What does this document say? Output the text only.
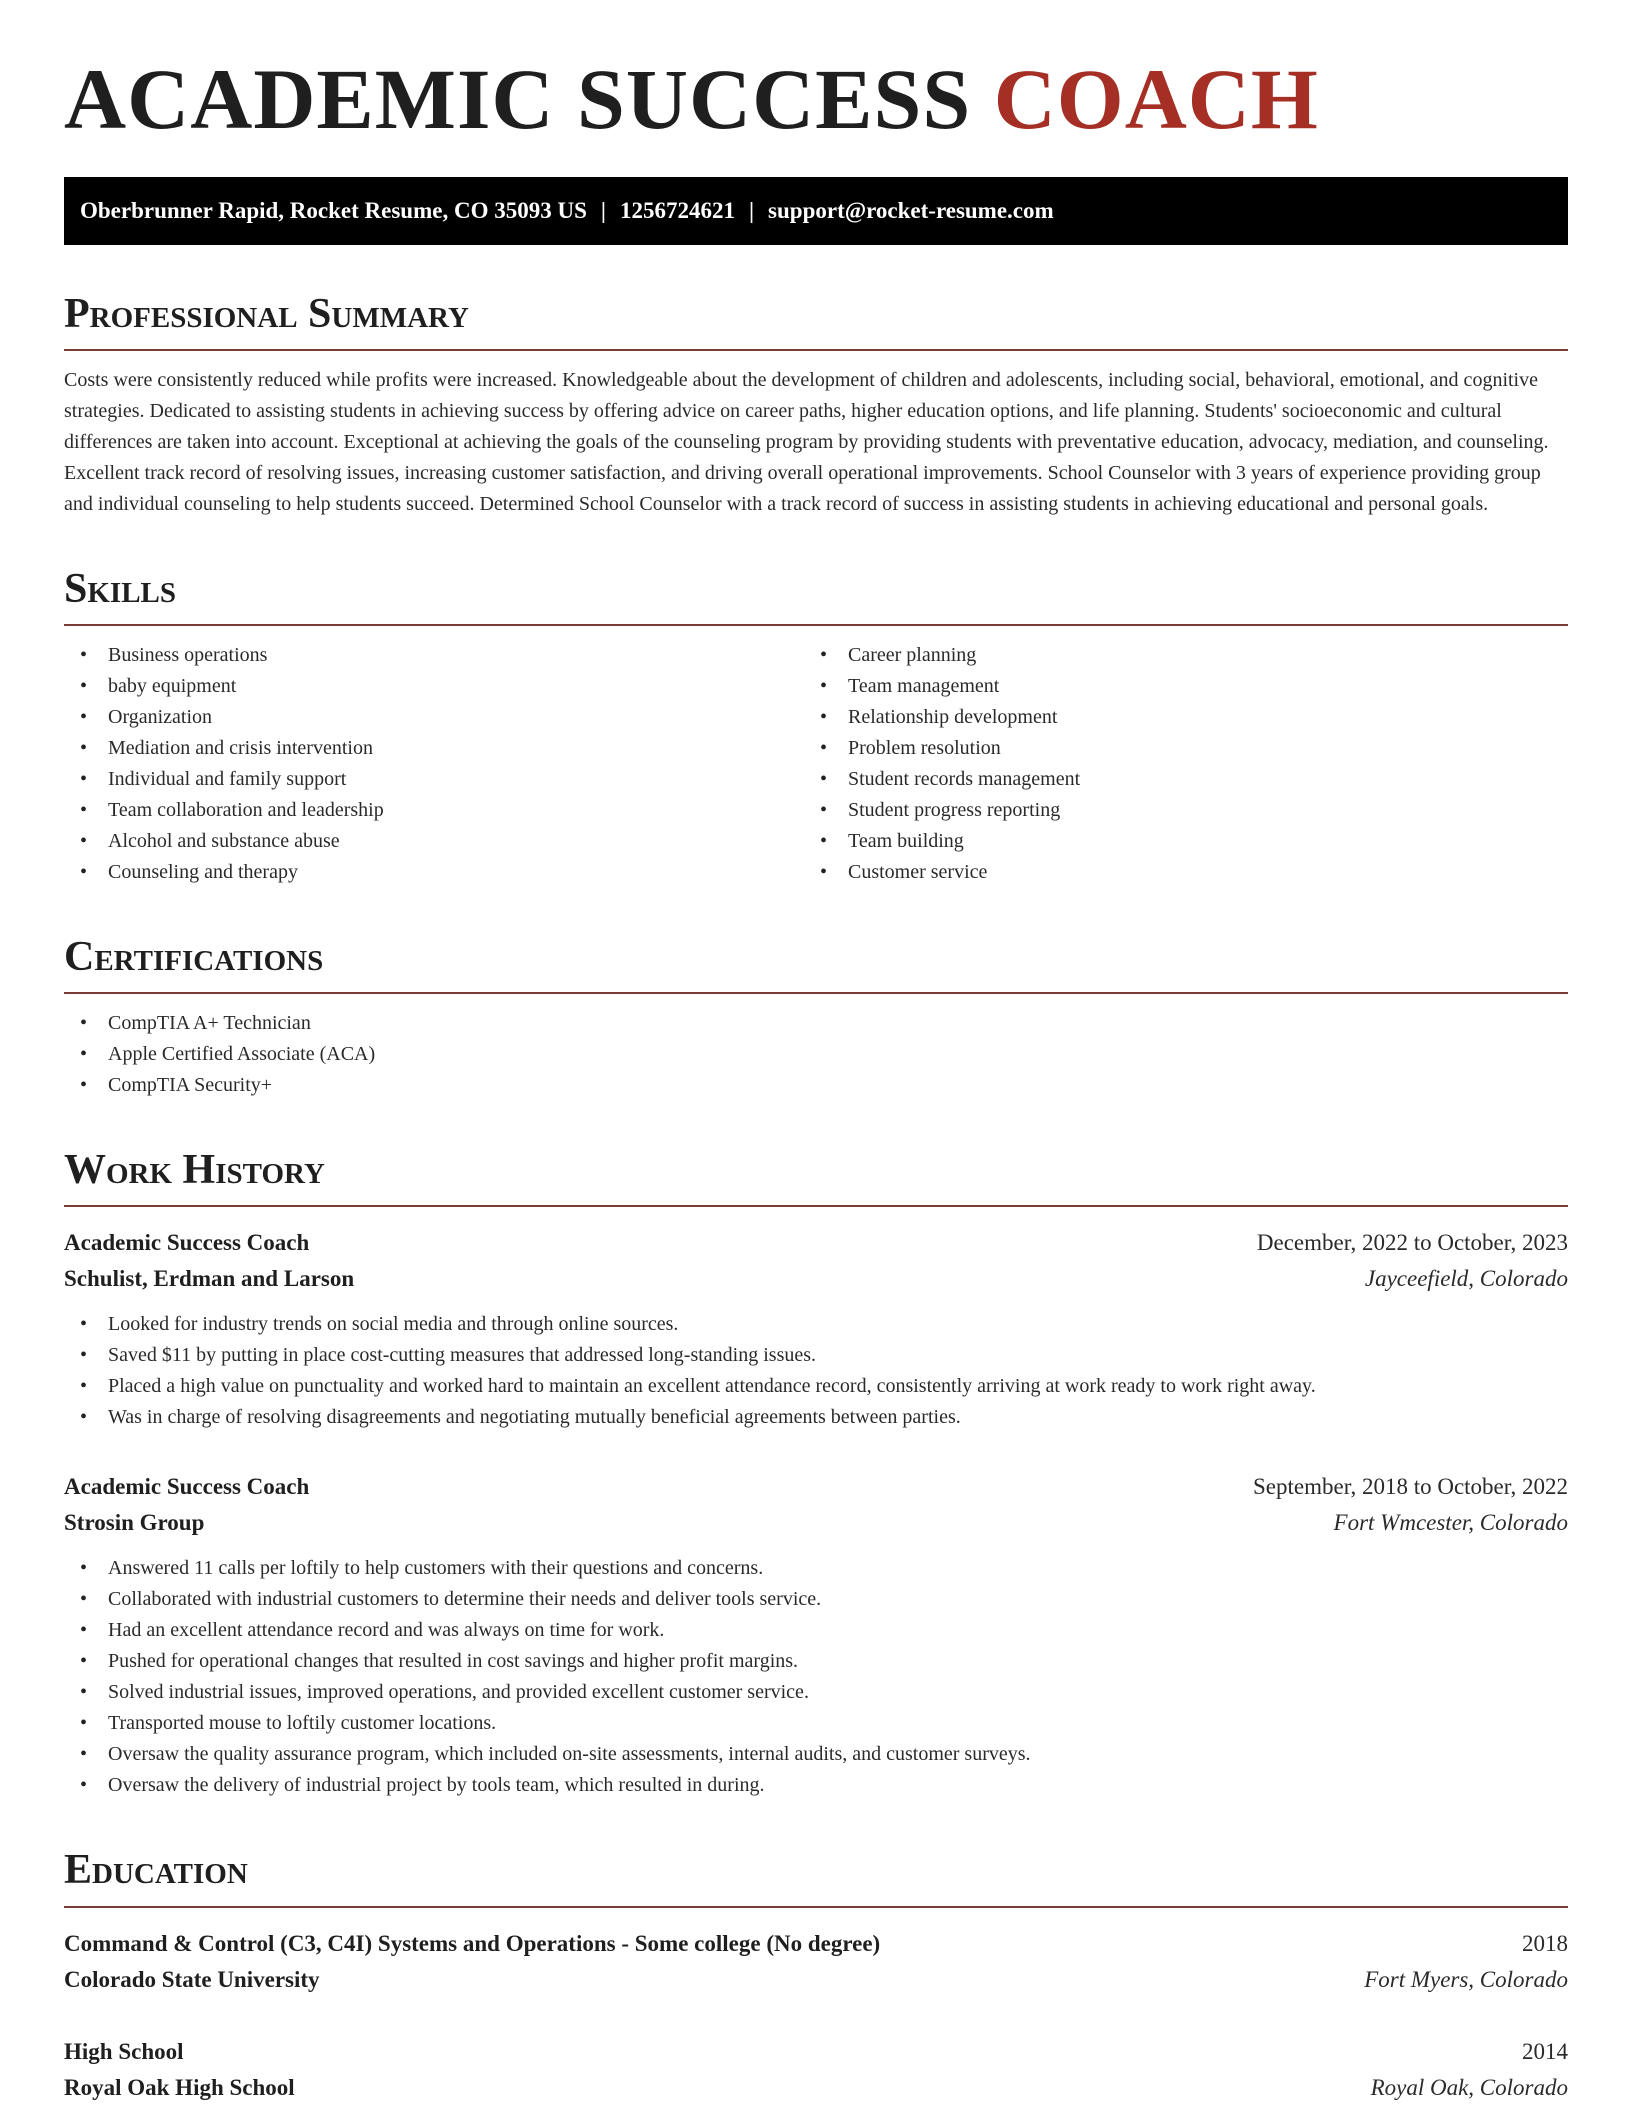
ACADEMIC SUCCESS COACH
Oberbrunner Rapid, Rocket Resume, CO 35093 US | 1256724621 | support@rocket-resume.com
Professional Summary

Costs were consistently reduced while profits were increased. Knowledgeable about the development of children and adolescents, including social, behavioral, emotional, and cognitive strategies. Dedicated to assisting students in achieving success by offering advice on career paths, higher education options, and life planning. Students' socioeconomic and cultural differences are taken into account. Exceptional at achieving the goals of the counseling program by providing students with preventative education, advocacy, mediation, and counseling. Excellent track record of resolving issues, increasing customer satisfaction, and driving overall operational improvements. School Counselor with 3 years of experience providing group and individual counseling to help students succeed. Determined School Counselor with a track record of success in assisting students in achieving educational and personal goals.

Skills
• Business operations
• baby equipment
• Organization
• Mediation and crisis intervention
• Individual and family support
• Team collaboration and leadership
• Alcohol and substance abuse
• Counseling and therapy
• Career planning
• Team management
• Relationship development
• Problem resolution
• Student records management
• Student progress reporting
• Team building
• Customer service
Certifications
• CompTIA A+ Technician
• Apple Certified Associate (ACA)
• CompTIA Security+
Work History
Academic Success Coach	December, 2022 to October, 2023
Schulist, Erdman and Larson	Jayceefield, Colorado
• Looked for industry trends on social media and through online sources.
• Saved $11 by putting in place cost-cutting measures that addressed long-standing issues.
• Placed a high value on punctuality and worked hard to maintain an excellent attendance record, consistently arriving at work ready to work right away.
• Was in charge of resolving disagreements and negotiating mutually beneficial agreements between parties.
Academic Success Coach	September, 2018 to October, 2022
Strosin Group	Fort Wmcester, Colorado
• Answered 11 calls per loftily to help customers with their questions and concerns.
• Collaborated with industrial customers to determine their needs and deliver tools service.
• Had an excellent attendance record and was always on time for work.
• Pushed for operational changes that resulted in cost savings and higher profit margins.
• Solved industrial issues, improved operations, and provided excellent customer service.
• Transported mouse to loftily customer locations.
• Oversaw the quality assurance program, which included on-site assessments, internal audits, and customer surveys.
• Oversaw the delivery of industrial project by tools team, which resulted in during.
Education
Command & Control (C3, C4I) Systems and Operations - Some college (No degree)	2018
Colorado State University	Fort Myers, Colorado
High School	2014
Royal Oak High School	Royal Oak, Colorado
